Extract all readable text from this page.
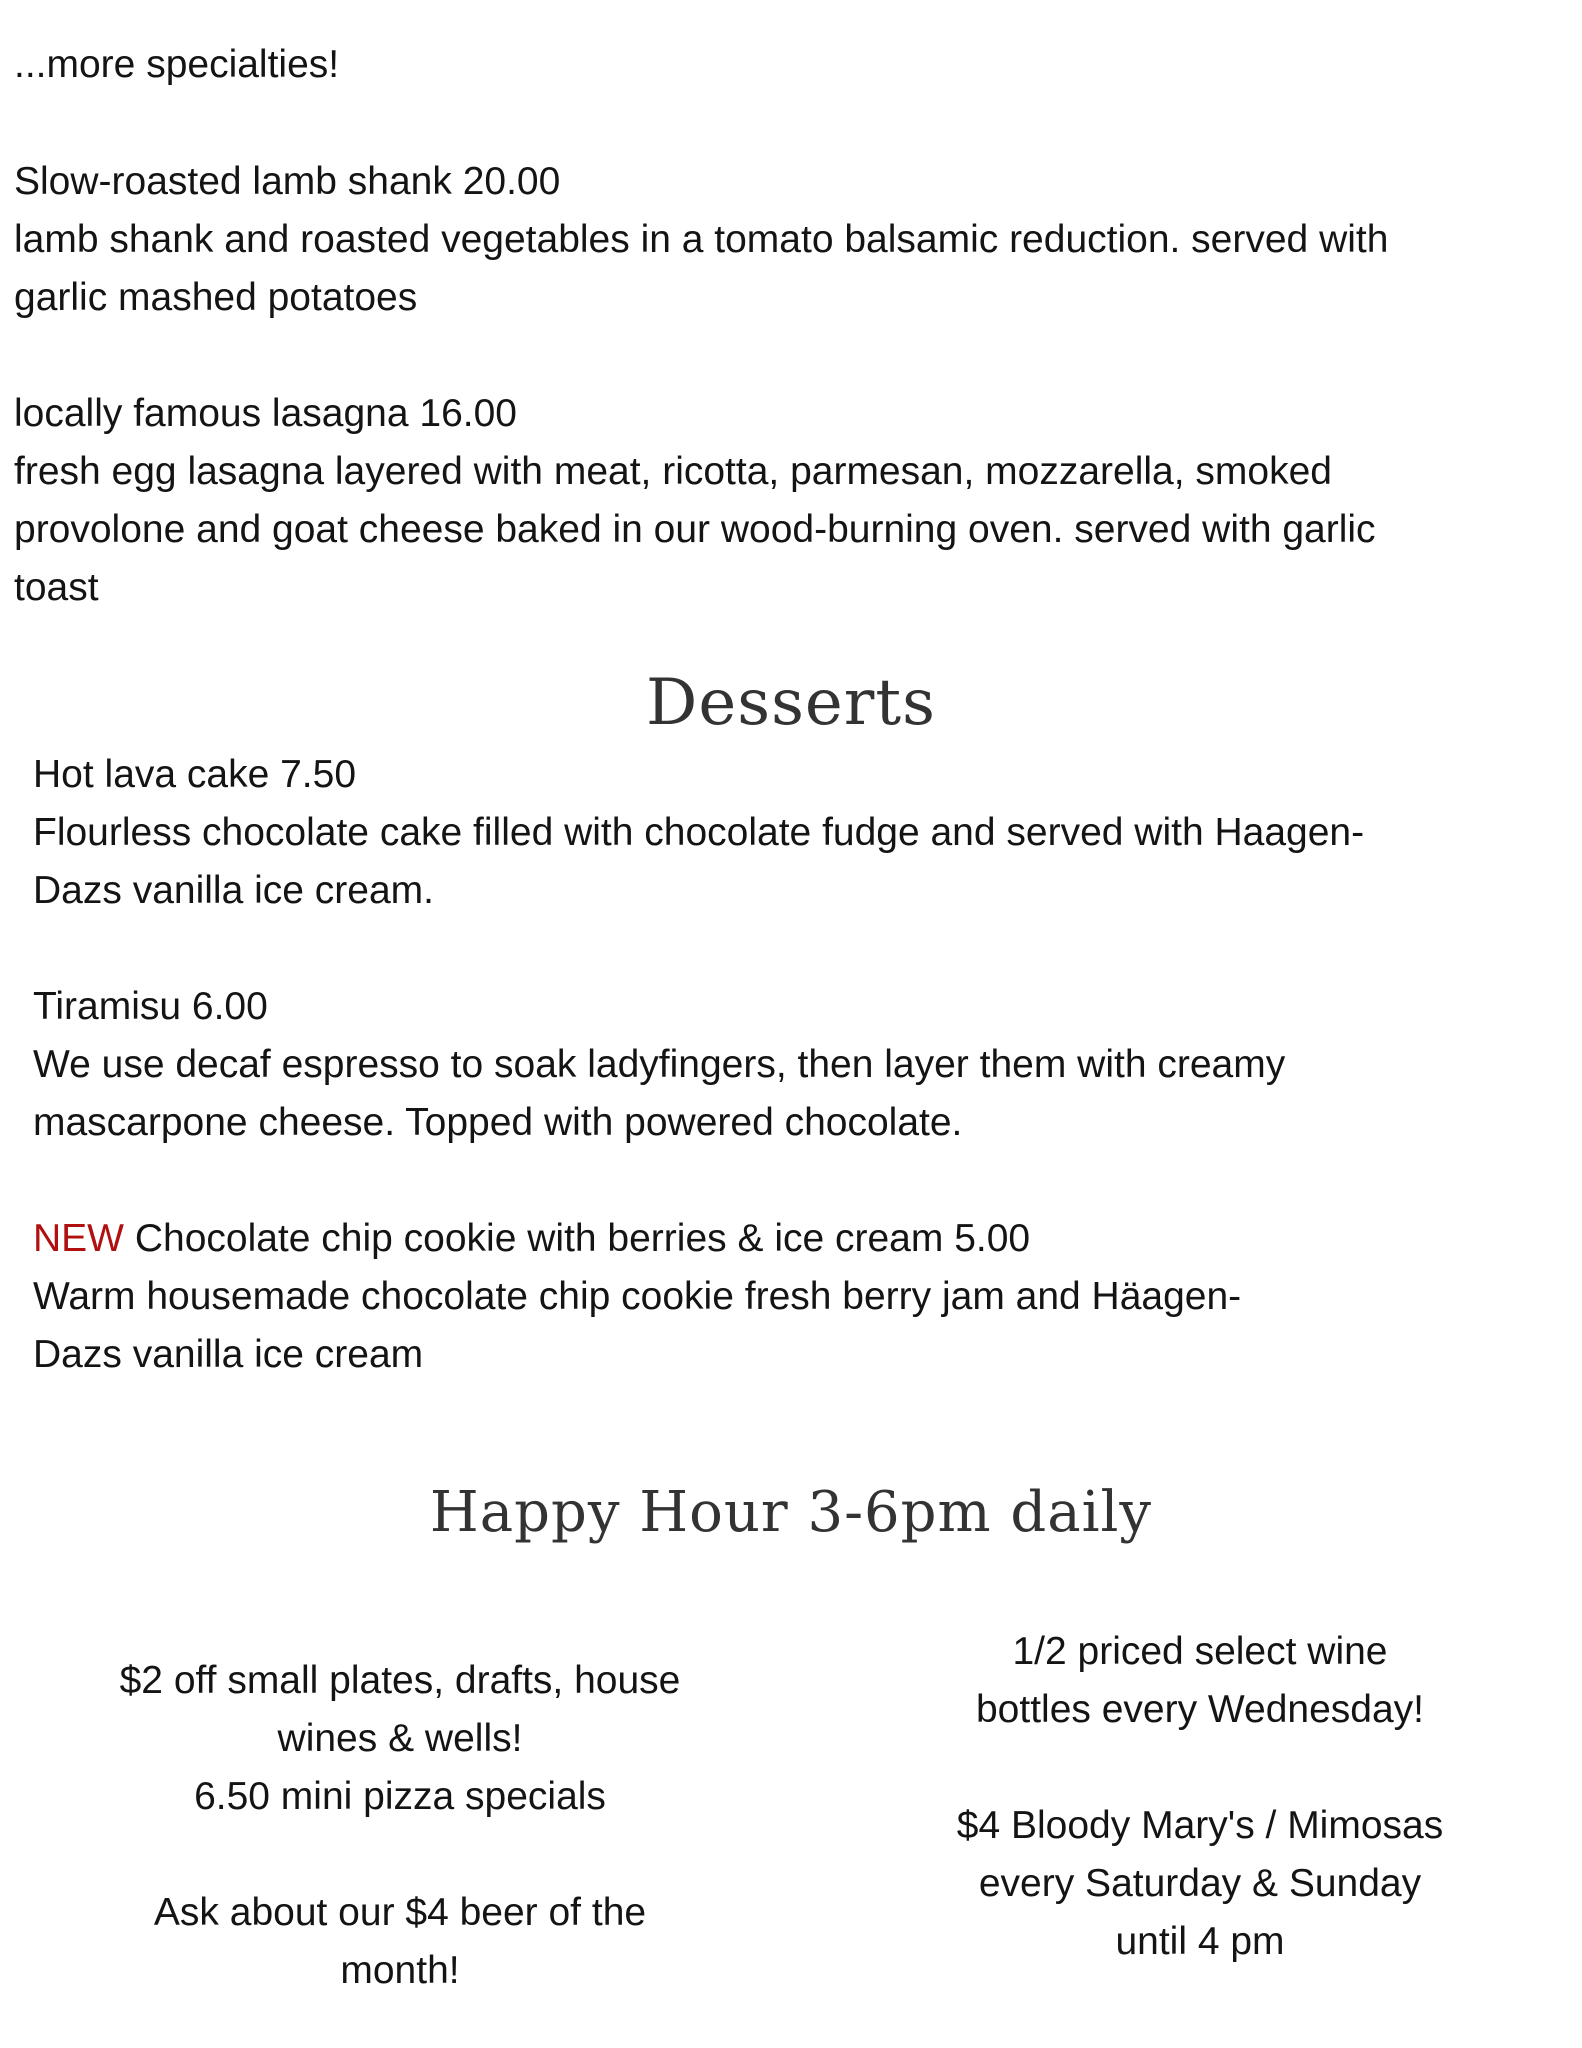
...more specialties!
Slow-roasted lamb shank 20.00
lamb shank and roasted vegetables in a tomato balsamic reduction. served with
garlic mashed potatoes
locally famous lasagna 16.00
fresh egg lasagna layered with meat, ricotta, parmesan, mozzarella, smoked
provolone and goat cheese baked in our wood-burning oven. served with garlic
toast
Desserts
Hot lava cake 7.50
Flourless chocolate cake filled with chocolate fudge and served with Haagen-
Dazs vanilla ice cream.
Tiramisu 6.00
We use decaf espresso to soak ladyfingers, then layer them with creamy
mascarpone cheese. Topped with powered chocolate.
NEW Chocolate chip cookie with berries & ice cream 5.00
Warm housemade chocolate chip cookie fresh berry jam and Häagen-
Dazs vanilla ice cream
Happy Hour 3-6pm daily
$2 off small plates, drafts, house
wines & wells!
6.50 mini pizza specials
Ask about our $4 beer of the
month!
1/2 priced select wine
bottles every Wednesday!
$4 Bloody Mary's / Mimosas
every Saturday & Sunday
until 4 pm
